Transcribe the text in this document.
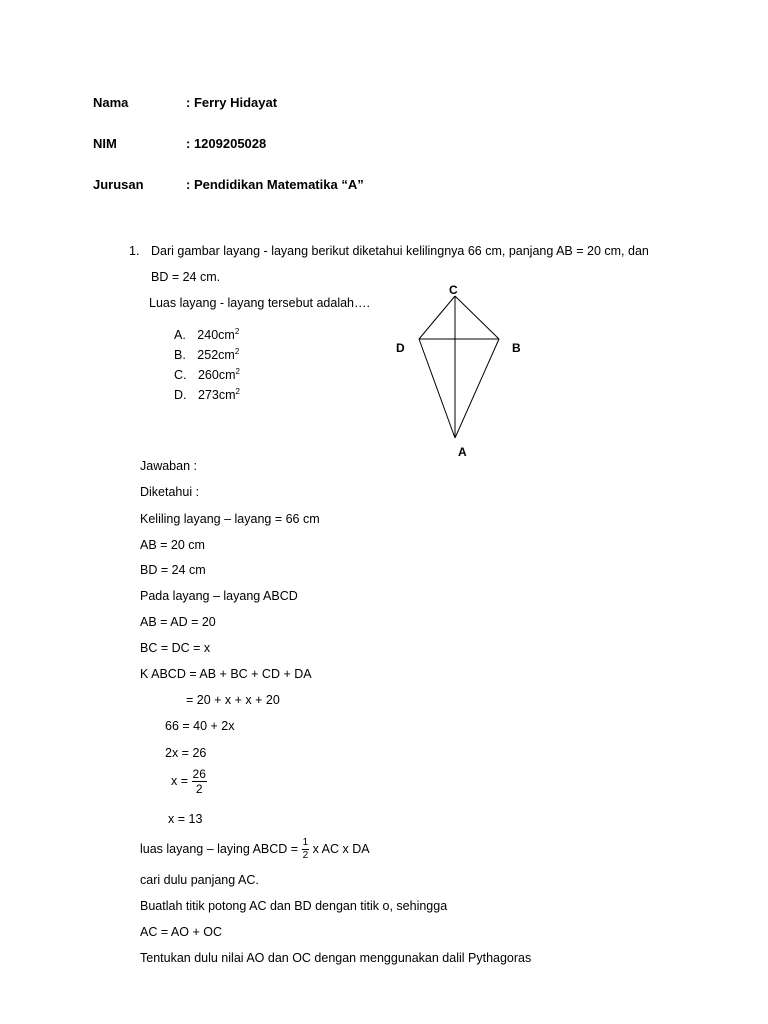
Nama	: Ferry Hidayat
NIM	: 1209205028
Jurusan	: Pendidikan Matematika “A”
1. Dari gambar layang - layang berikut diketahui kelilingnya 66 cm, panjang AB = 20 cm, dan
BD = 24 cm.
Luas layang - layang tersebut adalah….
A. $240cm^2$
B. $252cm^2$
C. $260cm^2$
D. $273cm^2$
C
D	B
A
Jawaban :
Diketahui :
Keliling layang – layang = 66 cm
AB = 20 cm
BD = 24 cm
Pada layang – layang ABCD
AB = AD = 20
BC = DC = x
K ABCD = AB + BC + CD + DA
= 20 + x + x + 20
66 = 40 + 2x
2x = 26
$x = \frac{26}{2}$
x = 13
luas layang – laying ABCD = $\frac{1}{2}$ x AC x DA
cari dulu panjang AC.
Buatlah titik potong AC dan BD dengan titik o, sehingga
AC = AO + OC
Tentukan dulu nilai AO dan OC dengan menggunakan dalil Pythagoras
